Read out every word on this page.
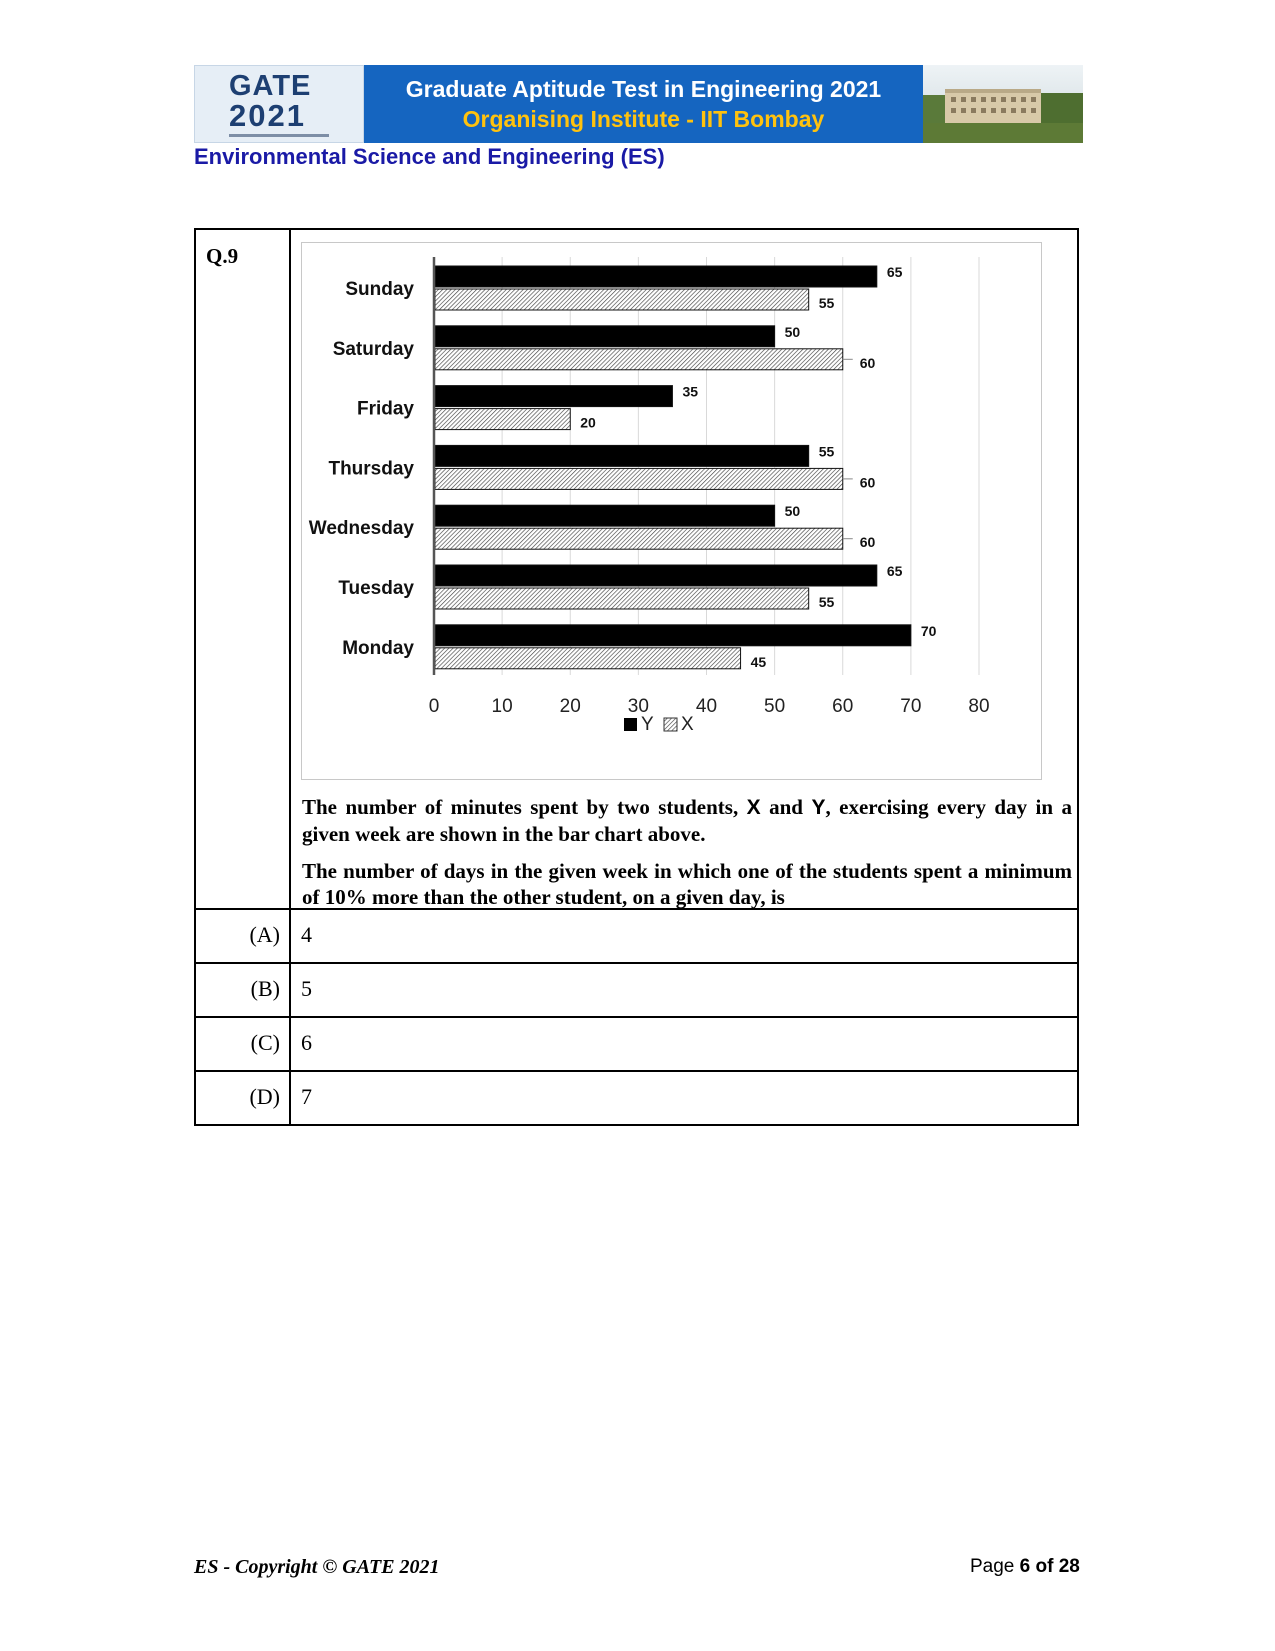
GATE
2021
Graduate Aptitude Test in Engineering 2021
Organising Institute - IIT Bombay
Environmental Science and Engineering (ES)
Q.9
Sunday
65
55
Saturday
50
60
Friday
35
20
Thursday
55
60
Wednesday
50
60
Tuesday
65
55
Monday
70
45
0	10 20 30 40 50 60 70 80
Y X
The number of minutes spent by two students, X and Y, exercising every day in a given week are shown in the bar chart above.
The number of days in the given week in which one of the students spent a minimum of 10% more than the other student, on a given day, is
(A) 4
(B) 5
(C) 6
(D) 7
ES - Copyright © GATE 2021	Page 6 of 28
